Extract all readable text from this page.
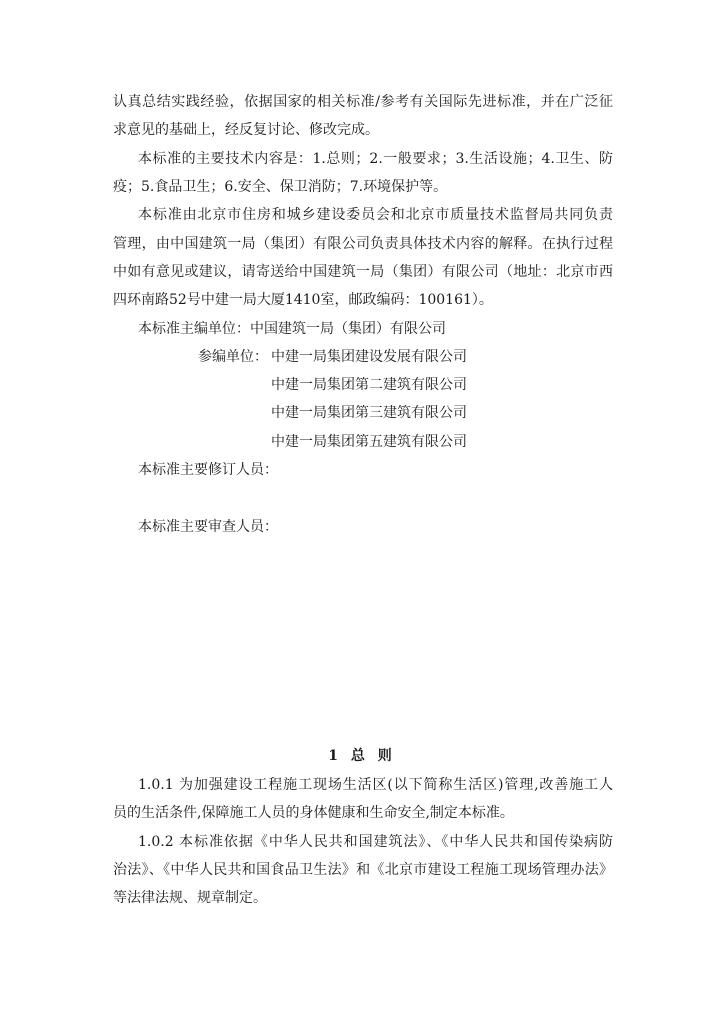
认真总结实践经验，依据国家的相关标准/参考有关国际先进标准，并在广泛征
求意见的基础上，经反复讨论、修改完成。
本标准的主要技术内容是：1.总则；2.一般要求；3.生活设施；4.卫生、防
疫；5.食品卫生；6.安全、保卫消防；7.环境保护等。
本标准由北京市住房和城乡建设委员会和北京市质量技术监督局共同负责
管理，由中国建筑一局（集团）有限公司负责具体技术内容的解释。在执行过程
中如有意见或建议，请寄送给中国建筑一局（集团）有限公司（地址：北京市西
四环南路52号中建一局大厦1410室，邮政编码：100161）。
本标准主编单位：中国建筑一局（集团）有限公司
参编单位： 中建一局集团建设发展有限公司
中建一局集团第二建筑有限公司
中建一局集团第三建筑有限公司
中建一局集团第五建筑有限公司
本标准主要修订人员：
本标准主要审查人员：
1 总 则
1.0.1 为加强建设工程施工现场生活区(以下简称生活区)管理,改善施工人
员的生活条件,保障施工人员的身体健康和生命安全,制定本标准。
1.0.2 本标准依据《中华人民共和国建筑法》、《中华人民共和国传染病防
治法》、《中华人民共和国食品卫生法》和《北京市建设工程施工现场管理办法》
等法律法规、规章制定。
